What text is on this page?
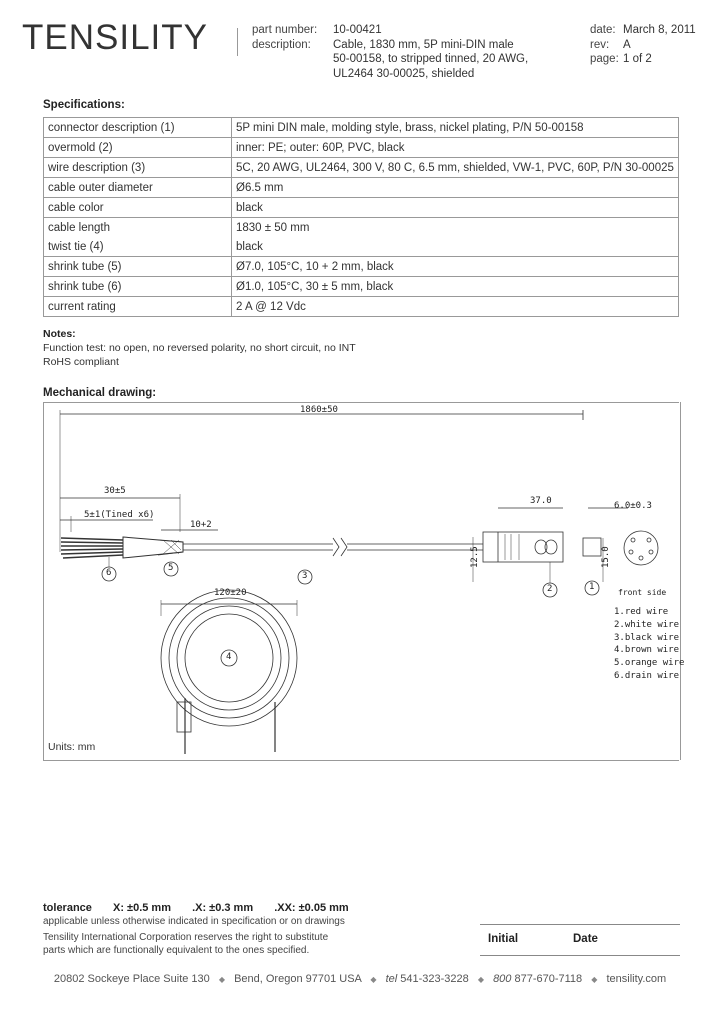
TENSILITY	part number: 10-00421
description: Cable, 1830 mm, 5P mini-DIN male
50-00158, to stripped tinned, 20 AWG,
UL2464 30-00025, shielded
date: March 8, 2011
rev: A
page: 1 of 2
Specifications:
connector description (1)	5P mini DIN male, molding style, brass, nickel plating, P/N 50-00158
overmold (2)	inner: PE; outer: 60P, PVC, black
wire description (3)	5C, 20 AWG, UL2464, 300 V, 80 C, 6.5 mm, shielded, VW-1, PVC, 60P, P/N 30-00025
cable outer diameter	Ø6.5 mm
cable color	black
cable length	1830 ± 50 mm
twist tie (4)	black
shrink tube (5)	Ø7.0, 105°C, 10 + 2 mm, black
shrink tube (6)	Ø1.0, 105°C, 30 ± 5 mm, black
current rating	2 A @ 12 Vdc
Notes:
Function test: no open, no reversed polarity, no short circuit, no INT
RoHS compliant
Mechanical drawing:
1860±50
30±5
5±1(Tined x6)
10+2
37.0	6.0±0.3
12.5	15.0
120±20
6	5
3
2	1
4
front side
1.red wire
2.white wire
3.black wire
4.brown wire
5.orange wire
6.drain wire
Units: mm
tolerance X: ±0.5 mm .X: ±0.3 mm .XX: ±0.05 mm
applicable unless otherwise indicated in specification or on drawings
Tensility International Corporation reserves the right to substitute
parts which are functionally equivalent to the ones specified.
Initial	Date
20802 Sockeye Place Suite 130 ◆ Bend, Oregon 97701 USA ◆ tel 541-323-3228 ◆ 800 877-670-7118 ◆ tensility.com
